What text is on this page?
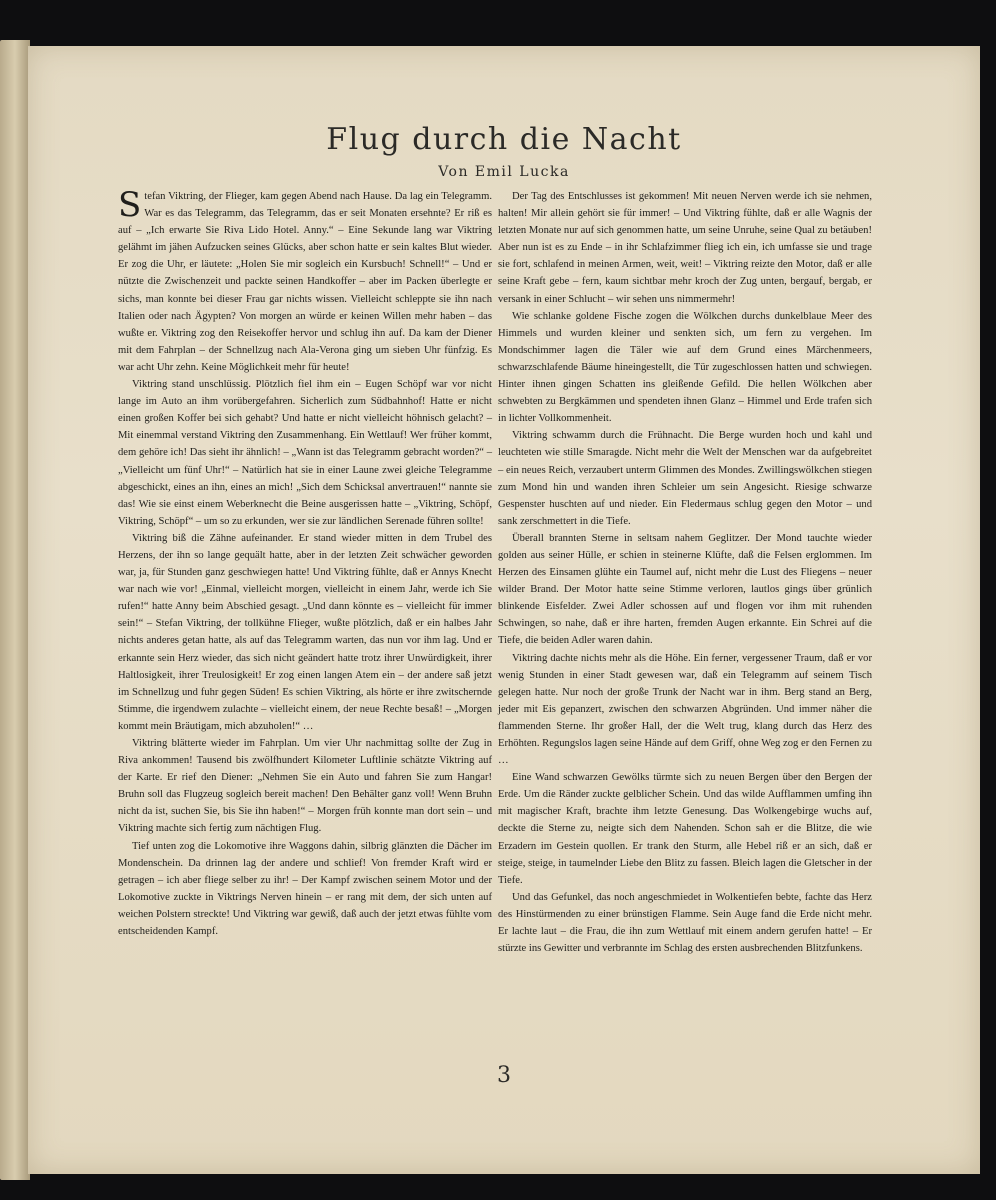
Flug durch die Nacht
Von Emil Lucka

Stefan Viktring, der Flieger, kam gegen Abend nach Hause. Da lag ein Telegramm. War es das Telegramm, das Telegramm, das er seit Monaten ersehnte? Er riß es auf – „Ich erwarte Sie Riva Lido Hotel. Anny.“ – Eine Sekunde lang war Viktring gelähmt im jähen Aufzucken seines Glücks, aber schon hatte er sein kaltes Blut wieder. Er zog die Uhr, er läutete: „Holen Sie mir sogleich ein Kursbuch! Schnell!“ – Und er nützte die Zwischenzeit und packte seinen Handkoffer – aber im Packen überlegte er sichs, man konnte bei dieser Frau gar nichts wissen. Vielleicht schleppte sie ihn nach Italien oder nach Ägypten? Von morgen an würde er keinen Willen mehr haben – das wußte er. Viktring zog den Reisekoffer hervor und schlug ihn auf. Da kam der Diener mit dem Fahrplan – der Schnellzug nach Ala-Verona ging um sieben Uhr fünfzig. Es war acht Uhr zehn. Keine Möglichkeit mehr für heute!

Viktring stand unschlüssig. Plötzlich fiel ihm ein – Eugen Schöpf war vor nicht lange im Auto an ihm vorübergefahren. Sicherlich zum Südbahnhof! Hatte er nicht einen großen Koffer bei sich gehabt? Und hatte er nicht vielleicht höhnisch gelacht? – Mit einemmal verstand Viktring den Zusammenhang. Ein Wettlauf! Wer früher kommt, dem gehöre ich! Das sieht ihr ähnlich! – „Wann ist das Telegramm gebracht worden?“ – „Vielleicht um fünf Uhr!“ – Natürlich hat sie in einer Laune zwei gleiche Telegramme abgeschickt, eines an ihn, eines an mich! „Sich dem Schicksal anvertrauen!“ nannte sie das! Wie sie einst einem Weberknecht die Beine ausgerissen hatte – „Viktring, Schöpf, Viktring, Schöpf“ – um so zu erkunden, wer sie zur ländlichen Serenade führen sollte!

Viktring biß die Zähne aufeinander. Er stand wieder mitten in dem Trubel des Herzens, der ihn so lange gequält hatte, aber in der letzten Zeit schwächer geworden war, ja, für Stunden ganz geschwiegen hatte! Und Viktring fühlte, daß er Annys Knecht war nach wie vor! „Einmal, vielleicht morgen, vielleicht in einem Jahr, werde ich Sie rufen!“ hatte Anny beim Abschied gesagt. „Und dann könnte es – vielleicht für immer sein!“ – Stefan Viktring, der tollkühne Flieger, wußte plötzlich, daß er ein halbes Jahr nichts anderes getan hatte, als auf das Telegramm warten, das nun vor ihm lag. Und er erkannte sein Herz wieder, das sich nicht geändert hatte trotz ihrer Unwürdigkeit, ihrer Haltlosigkeit, ihrer Treulosigkeit! Er zog einen langen Atem ein – der andere saß jetzt im Schnellzug und fuhr gegen Süden! Es schien Viktring, als hörte er ihre zwitschernde Stimme, die irgendwem zulachte – vielleicht einem, der neue Rechte besaß! – „Morgen kommt mein Bräutigam, mich abzuholen!“ …

Viktring blätterte wieder im Fahrplan. Um vier Uhr nachmittag sollte der Zug in Riva ankommen! Tausend bis zwölfhundert Kilometer Luftlinie schätzte Viktring auf der Karte. Er rief den Diener: „Nehmen Sie ein Auto und fahren Sie zum Hangar! Bruhn soll das Flugzeug sogleich bereit machen! Den Behälter ganz voll! Wenn Bruhn nicht da ist, suchen Sie, bis Sie ihn haben!“ – Morgen früh konnte man dort sein – und Viktring machte sich fertig zum nächtigen Flug.

Tief unten zog die Lokomotive ihre Waggons dahin, silbrig glänzten die Dächer im Mondenschein. Da drinnen lag der andere und schlief! Von fremder Kraft wird er getragen – ich aber fliege selber zu ihr! – Der Kampf zwischen seinem Motor und der Lokomotive zuckte in Viktrings Nerven hinein – er rang mit dem, der sich unten auf weichen Polstern streckte! Und Viktring war gewiß, daß auch der jetzt etwas fühlte vom entscheidenden Kampf.

Der Tag des Entschlusses ist gekommen! Mit neuen Nerven werde ich sie nehmen, halten! Mir allein gehört sie für immer! – Und Viktring fühlte, daß er alle Wagnis der letzten Monate nur auf sich genommen hatte, um seine Unruhe, seine Qual zu betäuben! Aber nun ist es zu Ende – in ihr Schlafzimmer flieg ich ein, ich umfasse sie und trage sie fort, schlafend in meinen Armen, weit, weit! – Viktring reizte den Motor, daß er alle seine Kraft gebe – fern, kaum sichtbar mehr kroch der Zug unten, bergauf, bergab, er versank in einer Schlucht – wir sehen uns nimmermehr!

Wie schlanke goldene Fische zogen die Wölkchen durchs dunkelblaue Meer des Himmels und wurden kleiner und senkten sich, um fern zu vergehen. Im Mondschimmer lagen die Täler wie auf dem Grund eines Märchenmeers, schwarzschlafende Bäume hineingestellt, die Tür zugeschlossen hatten und schwiegen. Hinter ihnen gingen Schatten ins gleißende Gefild. Die hellen Wölkchen aber schwebten zu Bergkämmen und spendeten ihnen Glanz – Himmel und Erde trafen sich in lichter Vollkommenheit.

Viktring schwamm durch die Frühnacht. Die Berge wurden hoch und kahl und leuchteten wie stille Smaragde. Nicht mehr die Welt der Menschen war da aufgebreitet – ein neues Reich, verzaubert unterm Glimmen des Mondes. Zwillingswölkchen stiegen zum Mond hin und wanden ihren Schleier um sein Angesicht. Riesige schwarze Gespenster huschten auf und nieder. Ein Fledermaus schlug gegen den Motor – und sank zerschmettert in die Tiefe.

Überall brannten Sterne in seltsam nahem Geglitzer. Der Mond tauchte wieder golden aus seiner Hülle, er schien in steinerne Klüfte, daß die Felsen erglommen. Im Herzen des Einsamen glühte ein Taumel auf, nicht mehr die Lust des Fliegens – neuer wilder Brand. Der Motor hatte seine Stimme verloren, lautlos gings über grünlich blinkende Eisfelder. Zwei Adler schossen auf und flogen vor ihm mit ruhenden Schwingen, so nahe, daß er ihre harten, fremden Augen erkannte. Ein Schrei auf die Tiefe, die beiden Adler waren dahin.

Viktring dachte nichts mehr als die Höhe. Ein ferner, vergessener Traum, daß er vor wenig Stunden in einer Stadt gewesen war, daß ein Telegramm auf seinem Tisch gelegen hatte. Nur noch der große Trunk der Nacht war in ihm. Berg stand an Berg, jeder mit Eis gepanzert, zwischen den schwarzen Abgründen. Und immer näher die flammenden Sterne. Ihr großer Hall, der die Welt trug, klang durch das Herz des Erhöhten. Regungslos lagen seine Hände auf dem Griff, ohne Weg zog er den Fernen zu …

Eine Wand schwarzen Gewölks türmte sich zu neuen Bergen über den Bergen der Erde. Um die Ränder zuckte gelblicher Schein. Und das wilde Aufflammen umfing ihn mit magischer Kraft, brachte ihm letzte Genesung. Das Wolkengebirge wuchs auf, deckte die Sterne zu, neigte sich dem Nahenden. Schon sah er die Blitze, die wie Erzadern im Gestein quollen. Er trank den Sturm, alle Hebel riß er an sich, daß er steige, steige, in taumelnder Liebe den Blitz zu fassen. Bleich lagen die Gletscher in der Tiefe.

Und das Gefunkel, das noch angeschmiedet in Wolkentiefen bebte, fachte das Herz des Hinstürmenden zu einer brünstigen Flamme. Sein Auge fand die Erde nicht mehr. Er lachte laut – die Frau, die ihn zum Wettlauf mit einem andern gerufen hatte! – Er stürzte ins Gewitter und verbrannte im Schlag des ersten ausbrechenden Blitzfunkens.

3
